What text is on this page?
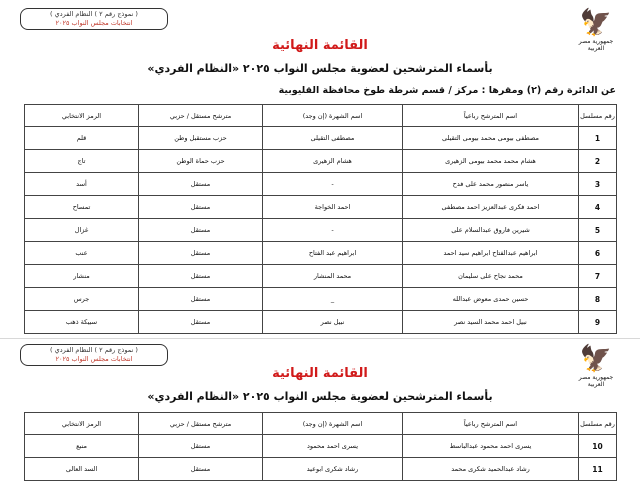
( نموذج رقم ٢ ) النظام الفردي )
انتخابات مجلس النواب ٢٠٢٥	🦅
جمهورية مصر العربية
القائمة النهائية
بأسماء المترشحين لعضوية مجلس النواب ٢٠٢٥ «النظام الفردي»
عن الدائرة رقم (٢) ومقرها : مركز / قسم شرطة طوخ محافظة القليوبية
رقم مسلسل	اسم المترشح رباعياً	اسم الشهرة (إن وجد)	مترشح مستقل / حزبي	الرمز الانتخابي
1	مصطفى بيومى محمد بيومى التقيلى	مصطفى التقيلى	حزب مستقبل وطن	قلم
2	هشام محمد محمد بيومى الزهيرى	هشام الزهيرى	حزب حماة الوطن	تاج
3	ياسر منصور محمد على فدح	-	مستقل	أسد
4	احمد فكرى عبدالعزيز احمد مصطفى	احمد الخواجة	مستقل	تمساح
5	شيرين فاروق عبدالسلام على	-	مستقل	غزال
6	ابراهيم عبدالفتاح ابراهيم سيد احمد	ابراهيم عبد الفتاح	مستقل	عنب
7	محمد نجاح على سليمان	محمد المنشار	مستقل	منشار
8	حسين حمدى معوض عبدالله	_	مستقل	جرس
9	نبيل احمد محمد السيد نصر	نبيل نصر	مستقل	سبيكة ذهب
( نموذج رقم ٢ ) النظام الفردي )
انتخابات مجلس النواب ٢٠٢٥	🦅
جمهورية مصر العربية
القائمة النهائية
بأسماء المترشحين لعضوية مجلس النواب ٢٠٢٥ «النظام الفردي»
رقم مسلسل	اسم المترشح رباعياً	اسم الشهرة (إن وجد)	مترشح مستقل / حزبي	الرمز الانتخابي
10	يسرى احمد محمود عبدالباسط	يسرى احمد محمود	مستقل	منبع
11	رشاد عبدالحميد شكرى محمد	رشاد شكرى ابوعيد	مستقل	السد العالى
